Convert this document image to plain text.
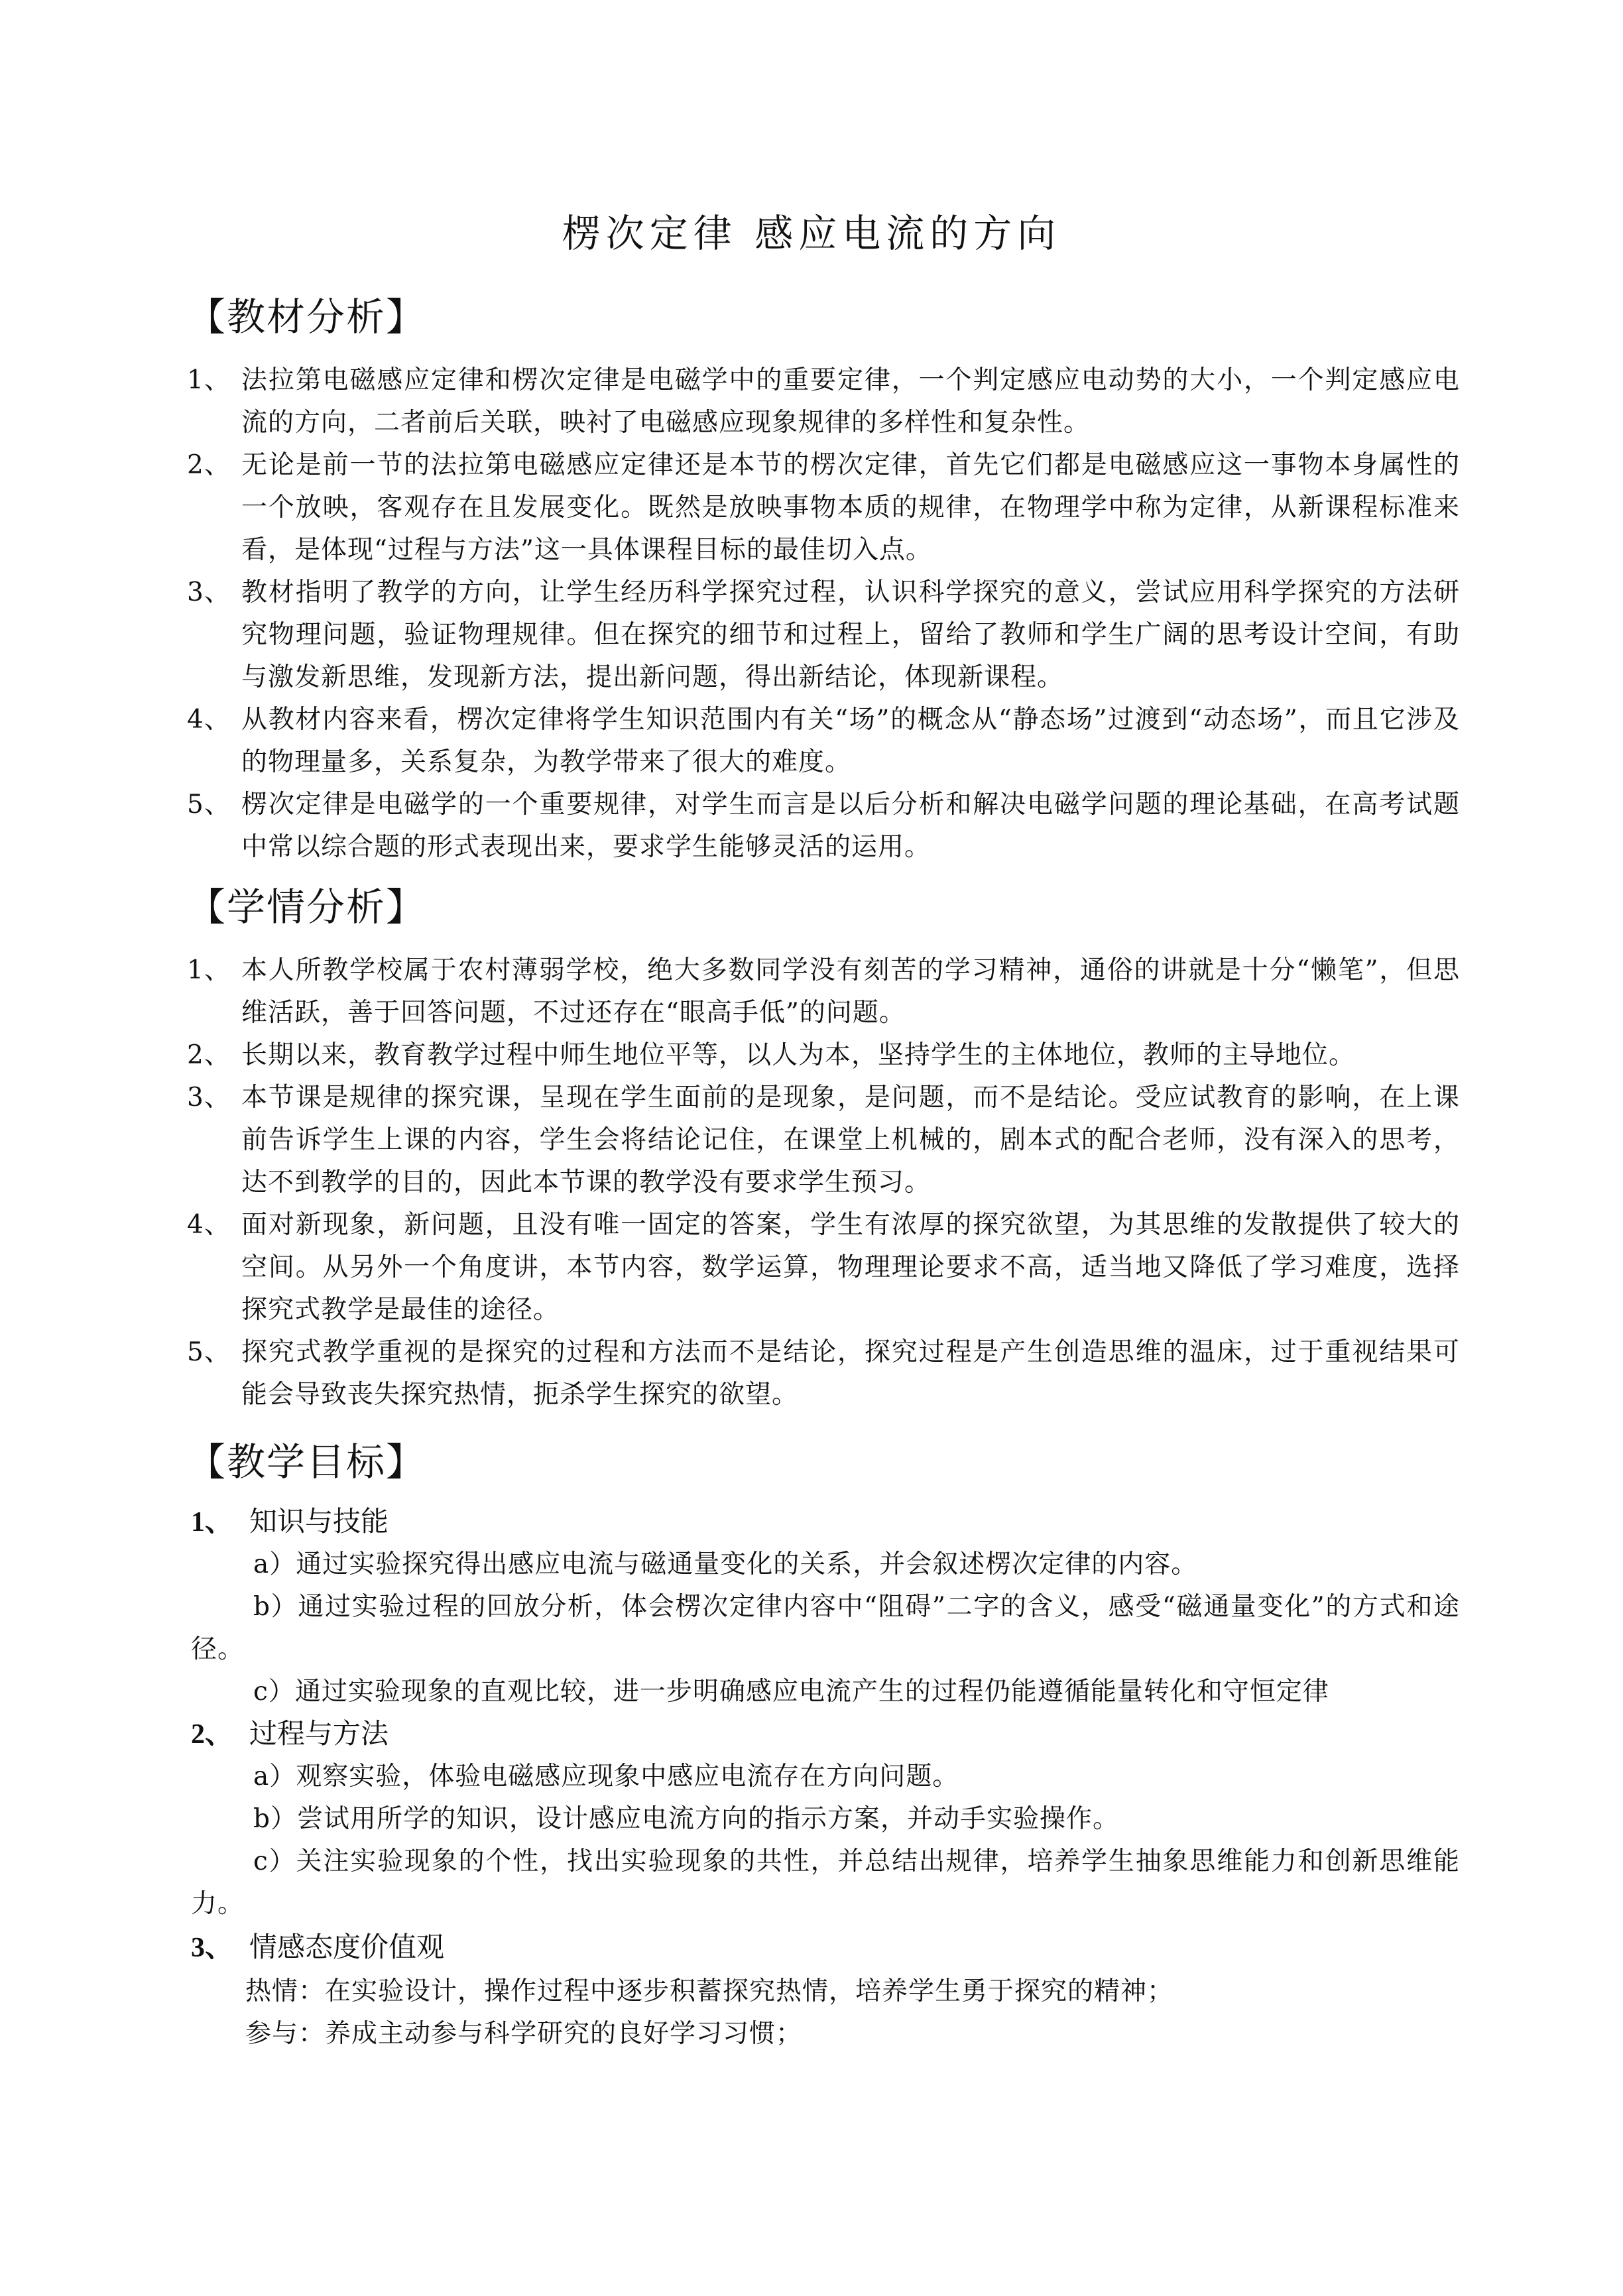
楞次定律 感应电流的方向
【教材分析】
1、 法拉第电磁感应定律和楞次定律是电磁学中的重要定律，一个判定感应电动势的大小，一个判定感应电流的方向，二者前后关联，映衬了电磁感应现象规律的多样性和复杂性。
2、 无论是前一节的法拉第电磁感应定律还是本节的楞次定律，首先它们都是电磁感应这一事物本身属性的一个放映，客观存在且发展变化。既然是放映事物本质的规律，在物理学中称为定律，从新课程标准来看，是体现“过程与方法”这一具体课程目标的最佳切入点。
3、 教材指明了教学的方向，让学生经历科学探究过程，认识科学探究的意义，尝试应用科学探究的方法研究物理问题，验证物理规律。但在探究的细节和过程上，留给了教师和学生广阔的思考设计空间，有助与激发新思维，发现新方法，提出新问题，得出新结论，体现新课程。
4、 从教材内容来看，楞次定律将学生知识范围内有关“场”的概念从“静态场”过渡到“动态场”，而且它涉及的物理量多，关系复杂，为教学带来了很大的难度。
5、 楞次定律是电磁学的一个重要规律，对学生而言是以后分析和解决电磁学问题的理论基础，在高考试题中常以综合题的形式表现出来，要求学生能够灵活的运用。
【学情分析】
1、 本人所教学校属于农村薄弱学校，绝大多数同学没有刻苦的学习精神，通俗的讲就是十分“懒笔”，但思维活跃，善于回答问题，不过还存在“眼高手低”的问题。
2、 长期以来，教育教学过程中师生地位平等，以人为本，坚持学生的主体地位，教师的主导地位。
3、 本节课是规律的探究课，呈现在学生面前的是现象，是问题，而不是结论。受应试教育的影响，在上课前告诉学生上课的内容，学生会将结论记住，在课堂上机械的，剧本式的配合老师，没有深入的思考，达不到教学的目的，因此本节课的教学没有要求学生预习。
4、 面对新现象，新问题，且没有唯一固定的答案，学生有浓厚的探究欲望，为其思维的发散提供了较大的空间。从另外一个角度讲，本节内容，数学运算，物理理论要求不高，适当地又降低了学习难度，选择探究式教学是最佳的途径。
5、 探究式教学重视的是探究的过程和方法而不是结论，探究过程是产生创造思维的温床，过于重视结果可能会导致丧失探究热情，扼杀学生探究的欲望。
【教学目标】
1、 知识与技能
a）通过实验探究得出感应电流与磁通量变化的关系，并会叙述楞次定律的内容。
b）通过实验过程的回放分析，体会楞次定律内容中“阻碍”二字的含义，感受“磁通量变化”的方式和途径。
c）通过实验现象的直观比较，进一步明确感应电流产生的过程仍能遵循能量转化和守恒定律
2、 过程与方法
a）观察实验，体验电磁感应现象中感应电流存在方向问题。
b）尝试用所学的知识，设计感应电流方向的指示方案，并动手实验操作。
c）关注实验现象的个性，找出实验现象的共性，并总结出规律，培养学生抽象思维能力和创新思维能力。
3、 情感态度价值观
热情：在实验设计，操作过程中逐步积蓄探究热情，培养学生勇于探究的精神；
参与：养成主动参与科学研究的良好学习习惯；
